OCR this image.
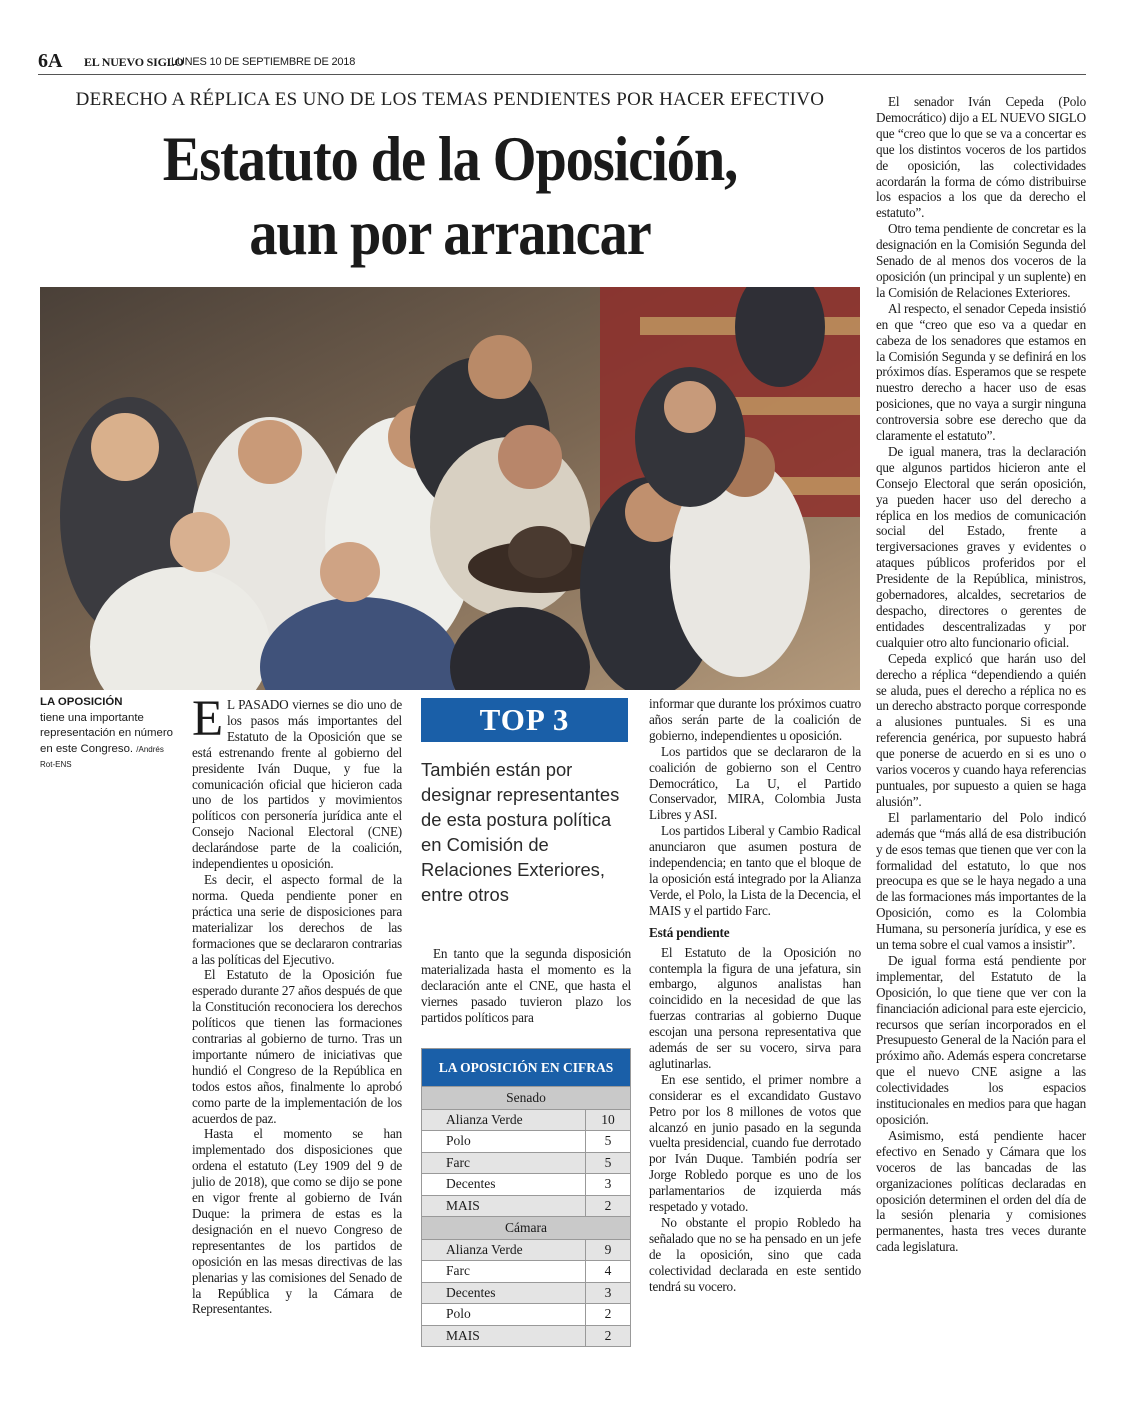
6A EL NUEVO SIGLO
LUNES 10 DE SEPTIEMBRE DE 2018
DERECHO A RÉPLICA ES UNO DE LOS TEMAS PENDIENTES POR HACER EFECTIVO
Estatuto de la Oposición,
aun por arrancar
LA OPOSICIÓN
tiene una importante representación en número en este Congreso. /Andrés Rot-ENS

E L PASADO viernes se dio uno de los pasos más importantes del Estatuto de la Oposición que se está estrenando frente al gobierno del presidente Iván Duque, y fue la comunicación oficial que hicieron cada uno de los partidos y movimientos políticos con personería jurídica ante el Consejo Nacional Electoral (CNE) declarándose parte de la coalición, independientes u oposición.

Es decir, el aspecto formal de la norma. Queda pendiente poner en práctica una serie de disposiciones para materializar los derechos de las formaciones que se declararon contrarias a las políticas del Ejecutivo.

El Estatuto de la Oposición fue esperado durante 27 años después de que la Constitución reconociera los derechos políticos que tienen las formaciones contrarias al gobierno de turno. Tras un importante número de iniciativas que hundió el Congreso de la República en todos estos años, finalmente lo aprobó como parte de la implementación de los acuerdos de paz.

Hasta el momento se han implementado dos disposiciones que ordena el estatuto (Ley 1909 del 9 de julio de 2018), que como se dijo se pone en vigor frente al gobierno de Iván Duque: la primera de estas es la designación en el nuevo Congreso de representantes de los partidos de oposición en las mesas directivas de las plenarias y las comisiones del Senado de la República y la Cámara de Representantes.

TOP 3
También están por designar representantes de esta postura política en Comisión de Relaciones Exteriores, entre otros

En tanto que la segunda disposición materializada hasta el momento es la declaración ante el CNE, que hasta el viernes pasado tuvieron plazo los partidos políticos para

LA OPOSICIÓN EN CIFRAS
Senado
Alianza Verde	10
Polo	5
Farc	5
Decentes	3
MAIS	2
Cámara
Alianza Verde	9
Farc	4
Decentes	3
Polo	2
MAIS	2

informar que durante los próximos cuatro años serán parte de la coalición de gobierno, independientes u oposición.

Los partidos que se declararon de la coalición de gobierno son el Centro Democrático, La U, el Partido Conservador, MIRA, Colombia Justa Libres y ASI.

Los partidos Liberal y Cambio Radical anunciaron que asumen postura de independencia; en tanto que el bloque de la oposición está integrado por la Alianza Verde, el Polo, la Lista de la Decencia, el MAIS y el partido Farc.

Está pendiente

El Estatuto de la Oposición no contempla la figura de una jefatura, sin embargo, algunos analistas han coincidido en la necesidad de que las fuerzas contrarias al gobierno Duque escojan una persona representativa que además de ser su vocero, sirva para aglutinarlas.

En ese sentido, el primer nombre a considerar es el excandidato Gustavo Petro por los 8 millones de votos que alcanzó en junio pasado en la segunda vuelta presidencial, cuando fue derrotado por Iván Duque. También podría ser Jorge Robledo porque es uno de los parlamentarios de izquierda más respetado y votado.

No obstante el propio Robledo ha señalado que no se ha pensado en un jefe de la oposición, sino que cada colectividad declarada en este sentido tendrá su vocero.

El senador Iván Cepeda (Polo Democrático) dijo a EL NUEVO SIGLO que “creo que lo que se va a concertar es que los distintos voceros de los partidos de oposición, las colectividades acordarán la forma de cómo distribuirse los espacios a los que da derecho el estatuto”.

Otro tema pendiente de concretar es la designación en la Comisión Segunda del Senado de al menos dos voceros de la oposición (un principal y un suplente) en la Comisión de Relaciones Exteriores.

Al respecto, el senador Cepeda insistió en que “creo que eso va a quedar en cabeza de los senadores que estamos en la Comisión Segunda y se definirá en los próximos días. Esperamos que se respete nuestro derecho a hacer uso de esas posiciones, que no vaya a surgir ninguna controversia sobre ese derecho que da claramente el estatuto”.

De igual manera, tras la declaración que algunos partidos hicieron ante el Consejo Electoral que serán oposición, ya pueden hacer uso del derecho a réplica en los medios de comunicación social del Estado, frente a tergiversaciones graves y evidentes o ataques públicos proferidos por el Presidente de la República, ministros, gobernadores, alcaldes, secretarios de despacho, directores o gerentes de entidades descentralizadas y por cualquier otro alto funcionario oficial.

Cepeda explicó que harán uso del derecho a réplica “dependiendo a quién se aluda, pues el derecho a réplica no es un derecho abstracto porque corresponde a alusiones puntuales. Si es una referencia genérica, por supuesto habrá que ponerse de acuerdo en si es uno o varios voceros y cuando haya referencias puntuales, por supuesto a quien se haga alusión”.

El parlamentario del Polo indicó además que “más allá de esa distribución y de esos temas que tienen que ver con la formalidad del estatuto, lo que nos preocupa es que se le haya negado a una de las formaciones más importantes de la Oposición, como es la Colombia Humana, su personería jurídica, y ese es un tema sobre el cual vamos a insistir”.

De igual forma está pendiente por implementar, del Estatuto de la Oposición, lo que tiene que ver con la financiación adicional para este ejercicio, recursos que serían incorporados en el Presupuesto General de la Nación para el próximo año. Además espera concretarse que el nuevo CNE asigne a las colectividades los espacios institucionales en medios para que hagan oposición.

Asimismo, está pendiente hacer efectivo en Senado y Cámara que los voceros de las bancadas de las organizaciones políticas declaradas en oposición determinen el orden del día de la sesión plenaria y comisiones permanentes, hasta tres veces durante cada legislatura.
